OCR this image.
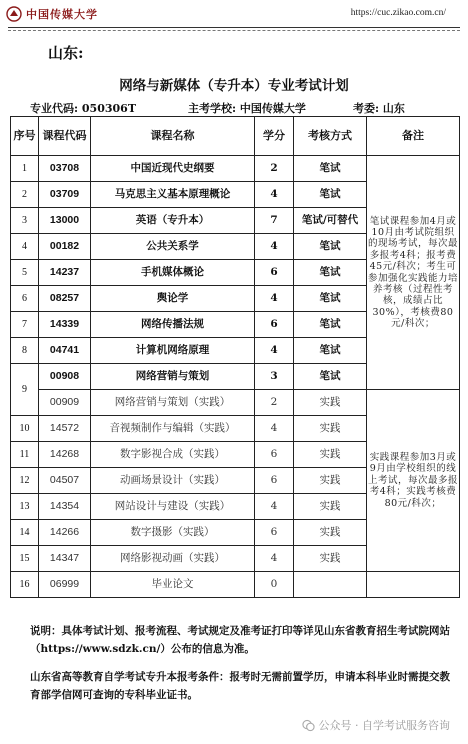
中国传媒大学	https://cuc.zikao.com.cn/
山东:
网络与新媒体（专升本）专业考试计划
专业代码: 050306T	主考学校: 中国传媒大学	考委: 山东
序号	课程代码	课程名称	学分	考核方式	备注
1	03708	中国近现代史纲要	2	笔试	笔试课程参加4月或10月由考试院组织的现场考试，每次最多报考4科；报考费45元/科次；考生可参加强化实践能力培养考核（过程性考核，成绩占比30%），考核费80元/科次；
2	03709	马克思主义基本原理概论	4	笔试	
3	13000	英语（专升本）	7	笔试/可替代	
4	00182	公共关系学	4	笔试	
5	14237	手机媒体概论	6	笔试	
6	08257	舆论学	4	笔试	
7	14339	网络传播法规	6	笔试	
8	04741	计算机网络原理	4	笔试	
9	00908	网络营销与策划	3	笔试	
	00909	网络营销与策划（实践）	2	实践	实践课程参加3月或9月由学校组织的线上考试，每次最多报考4科；实践考核费80元/科次；
10	14572	音视频制作与编辑（实践）	4	实践	
11	14268	数字影视合成（实践）	6	实践	
12	04507	动画场景设计（实践）	6	实践	
13	14354	网站设计与建设（实践）	4	实践	
14	14266	数字摄影（实践）	6	实践	
15	14347	网络影视动画（实践）	4	实践	
16	06999	毕业论文	0		
说明：具体考试计划、报考流程、考试规定及准考证打印等详见山东省教育招生考试院网站（https://www.sdzk.cn/）公布的信息为准。
山东省高等教育自学考试专升本报考条件：报考时无需前置学历，申请本科毕业时需提交教育部学信网可查询的专科毕业证书。
公众号 · 自学考试服务咨询
